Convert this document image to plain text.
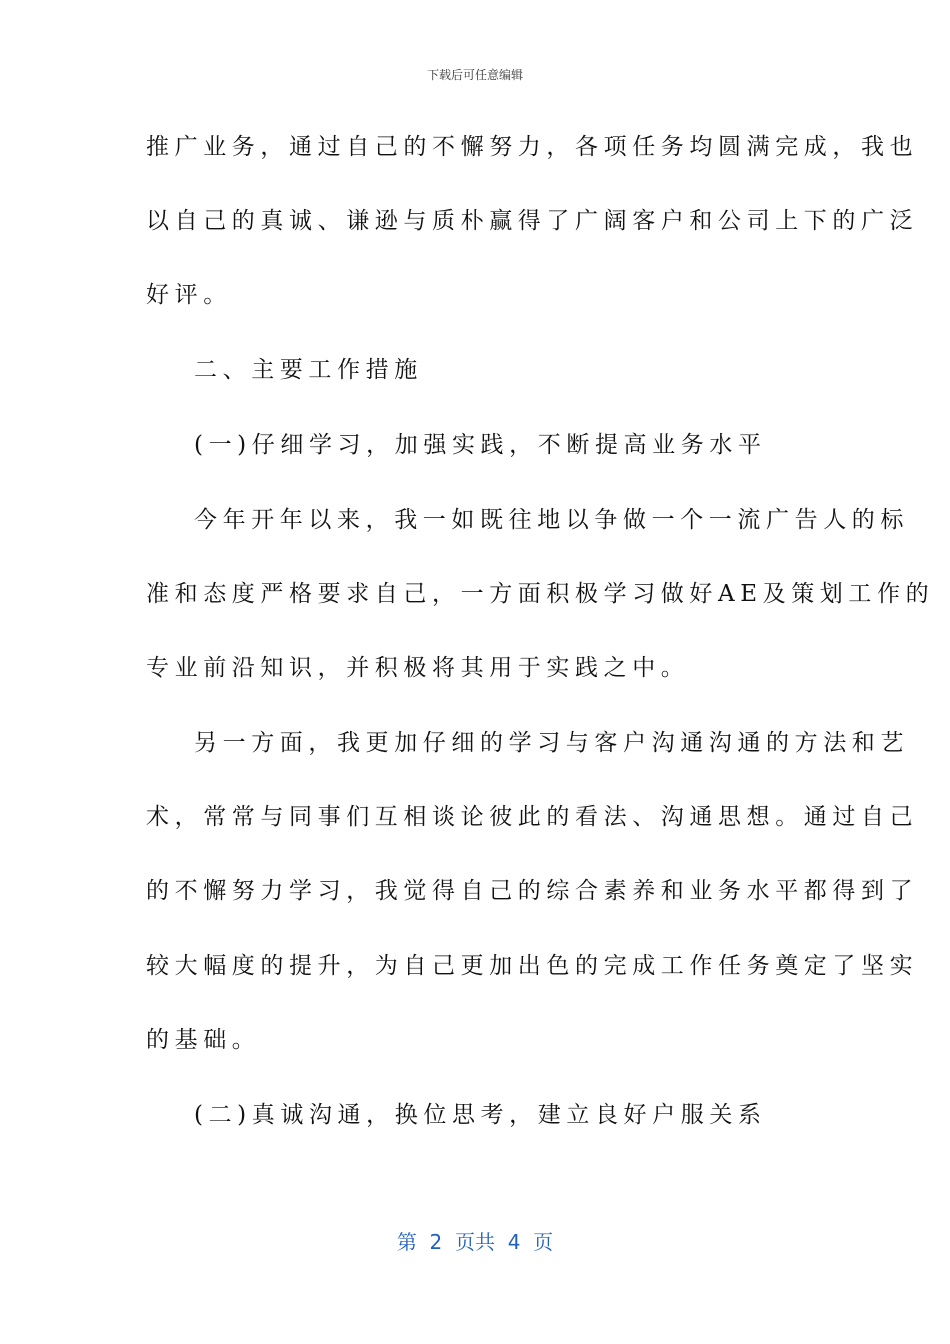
下载后可任意编辑
推广业务，通过自己的不懈努力，各项任务均圆满完成，我也
以自己的真诚、谦逊与质朴赢得了广阔客户和公司上下的广泛
好评。
二、主要工作措施
(一)仔细学习，加强实践，不断提高业务水平
今年开年以来，我一如既往地以争做一个一流广告人的标
准和态度严格要求自己，一方面积极学习做好AE及策划工作的
专业前沿知识，并积极将其用于实践之中。
另一方面，我更加仔细的学习与客户沟通沟通的方法和艺
术，常常与同事们互相谈论彼此的看法、沟通思想。通过自己
的不懈努力学习，我觉得自己的综合素养和业务水平都得到了
较大幅度的提升，为自己更加出色的完成工作任务奠定了坚实
的基础。
(二)真诚沟通，换位思考，建立良好户服关系
第  2  页共  4  页
